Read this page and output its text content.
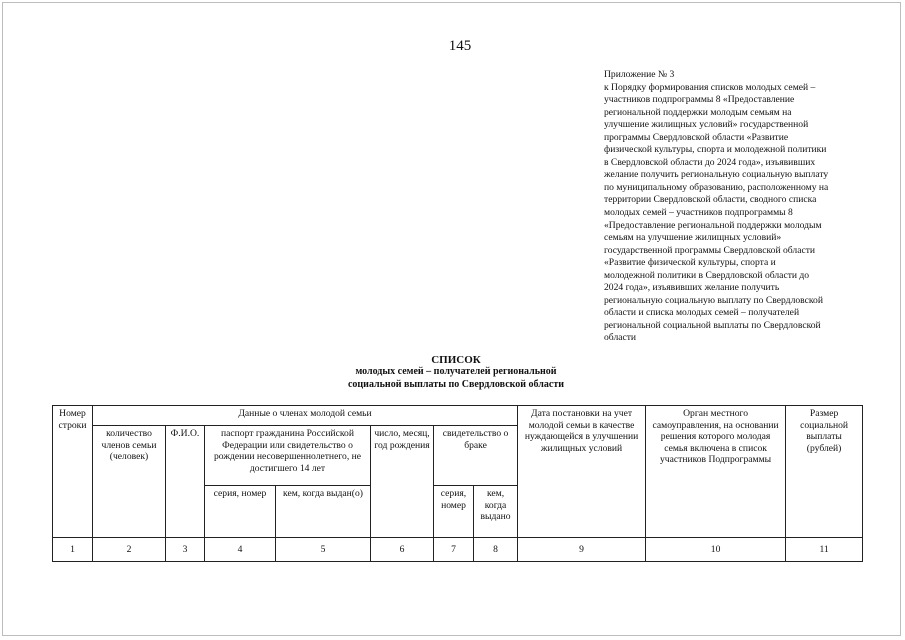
145
Приложение № 3
к Порядку формирования списков молодых семей –
участников подпрограммы 8 «Предоставление
региональной поддержки молодым семьям на
улучшение жилищных условий» государственной
программы Свердловской области «Развитие
физической культуры, спорта и молодежной политики
в Свердловской области до 2024 года», изъявивших
желание получить региональную социальную выплату
по муниципальному образованию, расположенному на
территории Свердловской области, сводного списка
молодых семей – участников подпрограммы 8
«Предоставление региональной поддержки молодым
семьям на улучшение жилищных условий»
государственной программы Свердловской области
«Развитие физической культуры, спорта и
молодежной политики в Свердловской области до
2024 года», изъявивших желание получить
региональную социальную выплату по Свердловской
области и списка молодых семей – получателей
региональной социальной выплаты по Свердловской
области
СПИСОК
молодых семей – получателей региональной
социальной выплаты по Свердловской области
Номер строки	Данные о членах молодой семьи							Дата постановки на учет молодой семьи в качестве нуждающейся в улучшении жилищных условий	Орган местного самоуправления, на основании решения которого молодая семья включена в список участников Подпрограммы	Размер социальной выплаты (рублей)
	количество членов семьи (человек)	Ф.И.О.	паспорт гражданина Российской Федерации или свидетельство о рождении несовершеннолетнего, не достигшего 14 лет		число, месяц, год рождения	свидетельство о браке				
			серия, номер	кем, когда выдан(о)		серия, номер	кем, когда выдано			
1	2	3	4	5	6	7	8	9	10	11
